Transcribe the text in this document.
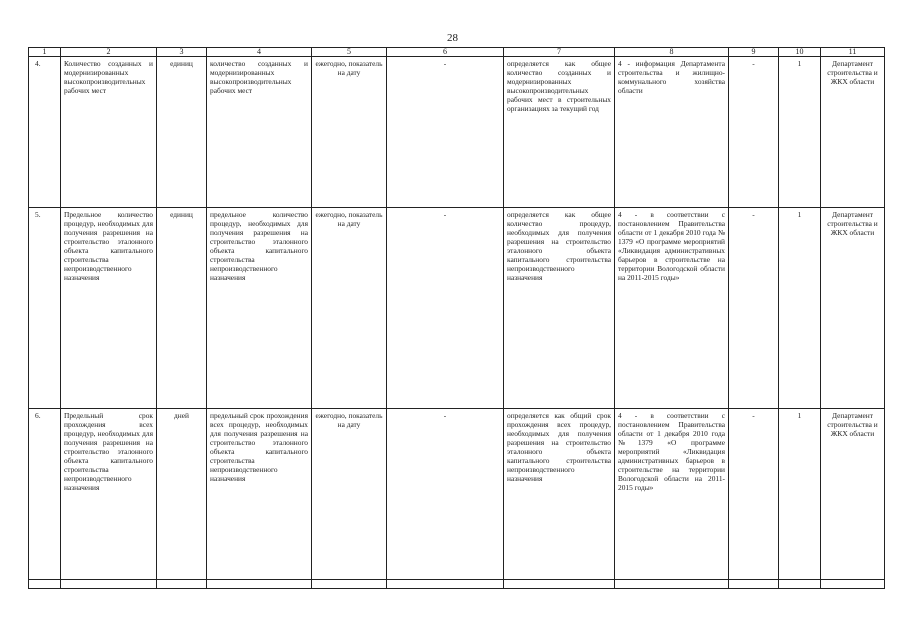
28
1	2	3	4	5	6	7	8	9	10	11
4.	Количество созданных и модернизированных высокопроизводительных рабочих мест	единиц	количество созданных и модернизированных высокопроизводительных рабочих мест	ежегодно, показатель на дату	-	определяется как общее количество созданных и модернизированных высокопроизводительных рабочих мест в строительных организациях за текущий год	4 - информация Департамента строительства и жилищно-коммунального хозяйства области	-	1	Департамент строительства и ЖКХ области
5.	Предельное количество процедур, необходимых для получения разрешения на строительство эталонного объекта капитального строительства непроизводственного назначения	единиц	предельное количество процедур, необходимых для получения разрешения на строительство эталонного объекта капитального строительства непроизводственного назначения	ежегодно, показатель на дату	-	определяется как общее количество процедур, необходимых для получения разрешения на строительство эталонного объекта капитального строительства непроизводственного назначения	4 - в соответствии с постановлением Правительства области от 1 декабря 2010 года № 1379 «О программе мероприятий «Ликвидация административных барьеров в строительстве на территории Вологодской области на 2011-2015 годы»	-	1	Департамент строительства и ЖКХ области
6.	Предельный срок прохождения всех процедур, необходимых для получения разрешения на строительство эталонного объекта капитального строительства непроизводственного назначения	дней	предельный срок прохождения всех процедур, необходимых для получения разрешения на строительство эталонного объекта капитального строительства непроизводственного назначения	ежегодно, показатель на дату	-	определяется как общий срок прохождения всех процедур, необходимых для получения разрешения на строительство эталонного объекта капитального строительства непроизводственного назначения	4 - в соответствии с постановлением Правительства области от 1 декабря 2010 года №1379 «О программе мероприятий «Ликвидация административных барьеров в строительстве на территории Вологодской области на 2011-2015 годы»	-	1	Департамент строительства и ЖКХ области
